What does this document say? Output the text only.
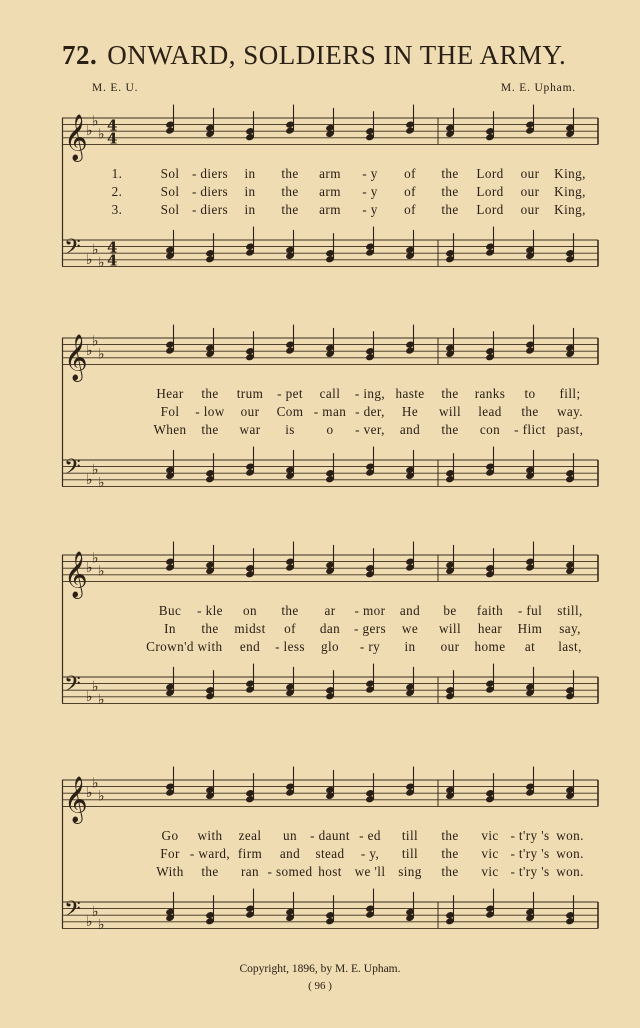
72. ONWARD, SOLDIERS IN THE ARMY.
M. E. U.	M. E. Upham.
𝄞
♭
♭
♭ 4
4
𝄢 ♭
♭
♭
4
4
1.	Sol - diers in the arm - y of the Lord our King,
2.	Sol - diers in the arm - y of the Lord our King,
3.	Sol - diers in the arm - y of the Lord our King,
𝄞
♭
♭
♭
𝄢 ♭
♭
♭
Hear the trum - pet call - ing, haste the ranks to fill;
Fol - low our Com - man - der, He will lead the way.
When the war is o - ver, and the con - flict past,
𝄞
♭
♭
♭
𝄢 ♭
♭
♭
Buc - kle on the ar - mor and be faith - ful still,
In the midst of dan - gers we will hear Him say,
Crown'd with end - less glo - ry in our home at last,
𝄞
♭
♭
♭
𝄢 ♭
♭
♭
Go with zeal un - daunt - ed till the vic - t'ry 's won.
For - ward, firm and stead - y, till the vic - t'ry 's won.
With the ran - somed host we 'll sing the vic - t'ry 's won.
Copyright, 1896, by M. E. Upham.
( 96 )
